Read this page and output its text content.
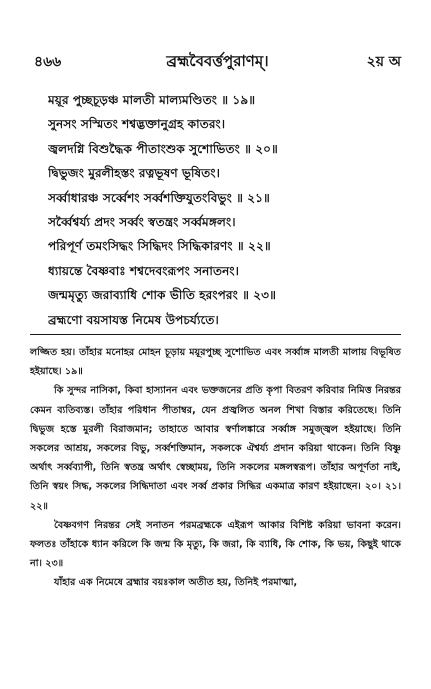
৪৬৬	ব্রহ্মবৈবর্ত্তপুরাণম্।	২য় অ
ময়ূর পুচ্ছচূড়ঞ্চ মালতী মাল্যমণ্ডিতং ॥ ১৯॥
সুনসং সস্মিতং শশ্বদ্ভক্তানুগ্রহ কাতরং।
জ্বলদগ্নি বিশুদ্ধৈক পীতাংশুক সুশোভিতং ॥ ২০॥
দ্বিভুজং মুরলীহস্তং রত্নভূষণ ভূষিতং।
সর্ব্বাধারঞ্চ সর্ব্বেশং সর্ব্বশক্তিযুতংবিভুং ॥ ২১॥
সর্ব্বৈশ্বর্য্য প্রদং সর্ব্বং স্বতন্ত্রং সর্ব্বমঙ্গলং।
পরিপূর্ণ তমংসিদ্ধং সিদ্ধিদং সিদ্ধিকারণং ॥ ২২॥
ধ্যায়ন্তে বৈষ্ণবাঃ শশ্বদেবংরূপং সনাতনং।
জন্মমৃত্যু জরাব্যাধি শোক ভীতি হরংপরং ॥ ২৩॥
ব্রহ্মণো বয়সাযস্ত নিমেষ উপচর্য্যতে।

লজ্জিত হয়। তাঁহার মনোহর মোহন চূড়ায় ময়ূরপুচ্ছ সুশোভিত এবং সর্ব্বাঙ্গ মালতী মালায় বিভূষিত হইয়াছে। ১৯॥

কি সুন্দর নাসিকা, কিবা হাস্যানন এবং ভক্তজনের প্রতি কৃপা বিতরণ করিবার নিমিত্ত নিরন্তর কেমন ব্যতিব্যস্ত। তাঁহার পরিধান পীতাম্বর, যেন প্রজ্বলিত অনল শিখা বিস্তার করিতেছে। তিনি দ্বিভুজ হস্তে মুরলী বিরাজমান; তাহাতে আবার স্বর্ণালঙ্কারে সর্ব্বাঙ্গ সমুজ্জ্বল হইয়াছে। তিনি সকলের আশ্রয়, সকলের বিভু, সর্ব্বশক্তিমান, সকলকে ঐশ্বর্য্য প্রদান করিয়া থাকেন। তিনি বিষ্ণু অর্থাৎ সর্ব্বব্যাপী, তিনি স্বতন্ত্র অর্থাৎ স্বেচ্ছাময়, তিনি সকলের মঙ্গলস্বরূপ। তাঁহার অপূর্ণতা নাই, তিনি স্বয়ং সিদ্ধ, সকলের সিদ্ধিদাতা এবং সর্ব্ব প্রকার সিদ্ধির একমাত্র কারণ হইয়াছেন। ২০। ২১। ২২॥

বৈষ্ণবগণ নিরন্তর সেই সনাতন পরমব্রহ্মকে এইরূপ আকার বিশিষ্ট করিয়া ভাবনা করেন। ফলতঃ তাঁহাকে ধ্যান করিলে কি জন্ম কি মৃত্যু, কি জরা, কি ব্যাধি, কি শোক, কি ভয়, কিছুই থাকে না। ২৩॥

যাঁহার এক নিমেষে ব্রহ্মার বয়ঃকাল অতীত হয়, তিনিই পরমাত্মা,
